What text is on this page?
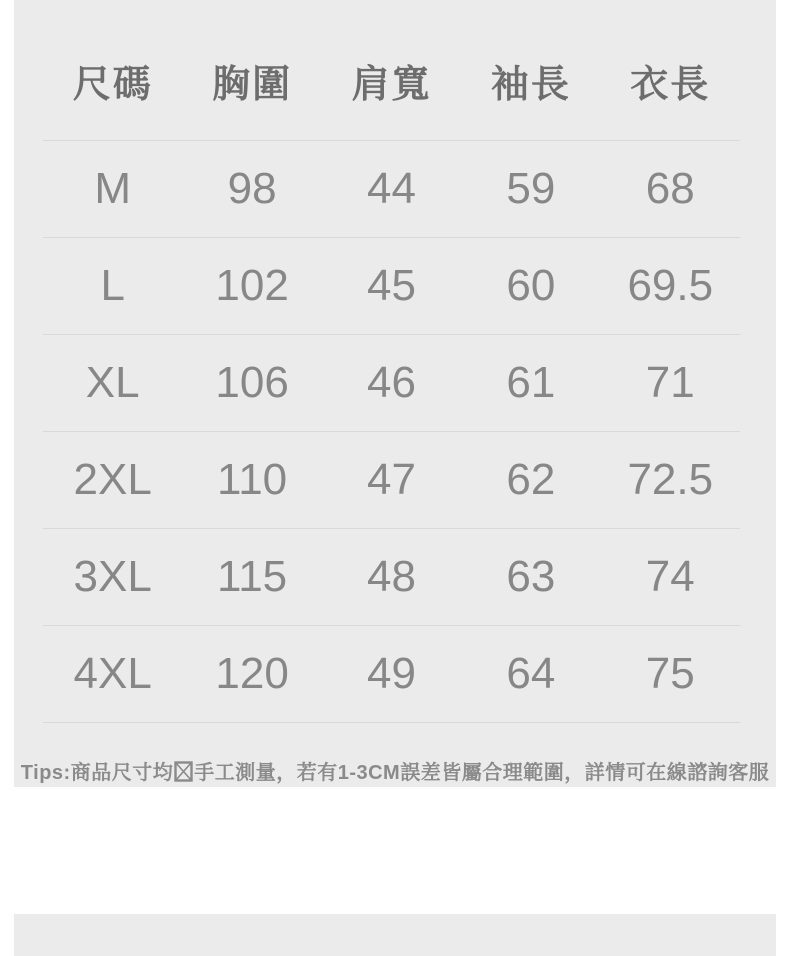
尺碼	胸圍	肩寬	袖長	衣長
M	98	44	59	68
L	102	45	60	69.5
XL	106	46	61	71
2XL	110	47	62	72.5
3XL	115	48	63	74
4XL	120	49	64	75
Tips:商品尺寸均 手工測量，若有1-3CM誤差皆屬合理範圍，詳情可在線諮詢客服
